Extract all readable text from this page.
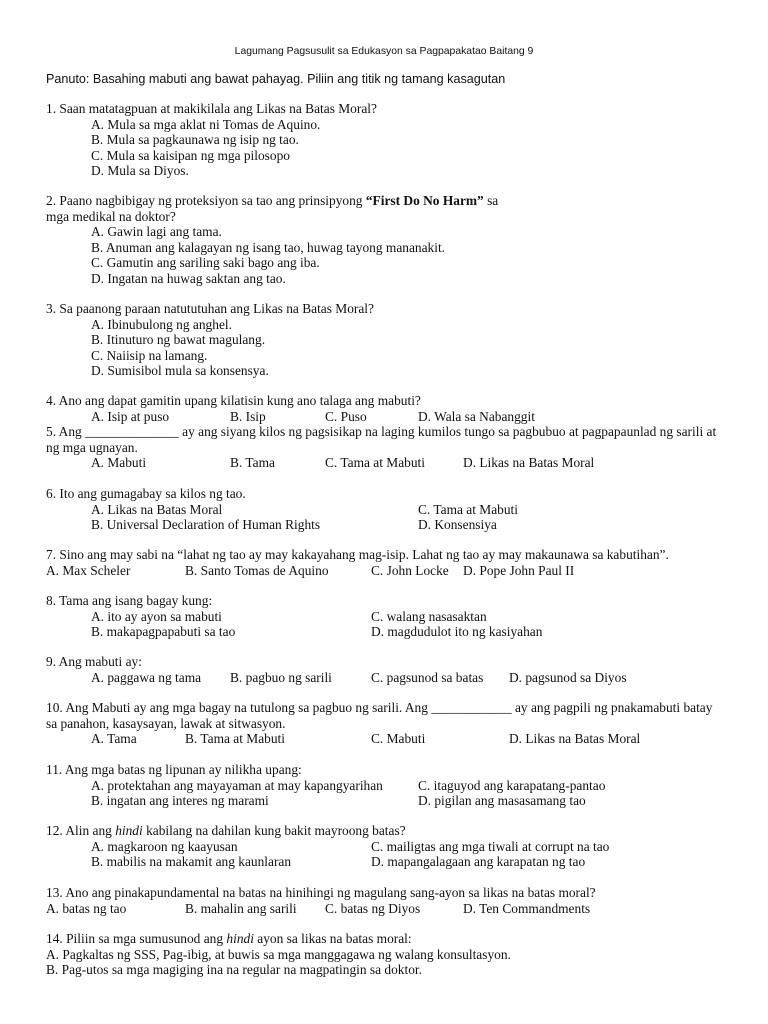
Lagumang Pagsusulit sa Edukasyon sa Pagpapakatao Baitang 9
Panuto: Basahing mabuti ang bawat pahayag. Piliin ang titik ng tamang kasagutan
1. Saan matatagpuan at makikilala ang Likas na Batas Moral?
A. Mula sa mga aklat ni Tomas de Aquino.
B. Mula sa pagkaunawa ng isip ng tao.
C. Mula sa kaisipan ng mga pilosopo
D. Mula sa Diyos.
2. Paano nagbibigay ng proteksiyon sa tao ang prinsipyong “First Do No Harm” sa
mga medikal na doktor?
A. Gawin lagi ang tama.
B. Anuman ang kalagayan ng isang tao, huwag tayong mananakit.
C. Gamutin ang sariling saki bago ang iba.
D. Ingatan na huwag saktan ang tao.
3. Sa paanong paraan natututuhan ang Likas na Batas Moral?
A. Ibinubulong ng anghel.
B. Itinuturo ng bawat magulang.
C. Naiisip na lamang.
D. Sumisibol mula sa konsensya.
4. Ano ang dapat gamitin upang kilatisin kung ano talaga ang mabuti?
A. Isip at puso	B. Isip	C. Puso	D. Wala sa Nabanggit
5. Ang ______________ ay ang siyang kilos ng pagsisikap na laging kumilos tungo sa pagbubuo at pagpapaunlad ng sarili at ng mga ugnayan.
A. Mabuti	B. Tama	C. Tama at Mabuti	D. Likas na Batas Moral
6. Ito ang gumagabay sa kilos ng tao.
A. Likas na Batas Moral	C. Tama at Mabuti
B. Universal Declaration of Human Rights	D. Konsensiya
7. Sino ang may sabi na “lahat ng tao ay may kakayahang mag-isip. Lahat ng tao ay may makaunawa sa kabutihan”.
A. Max Scheler	B. Santo Tomas de Aquino	C. John Locke D. Pope John Paul II
8. Tama ang isang bagay kung:
A. ito ay ayon sa mabuti	C. walang nasasaktan
B. makapagpapabuti sa tao	D. magdudulot ito ng kasiyahan
9. Ang mabuti ay:
A. paggawa ng tama B. pagbuo ng sarili	C. pagsunod sa batas D. pagsunod sa Diyos
10. Ang Mabuti ay ang mga bagay na tutulong sa pagbuo ng sarili. Ang ____________ ay ang pagpili ng pnakamabuti batay sa panahon, kasaysayan, lawak at sitwasyon.
A. Tama	B. Tama at Mabuti	C. Mabuti	D. Likas na Batas Moral
11. Ang mga batas ng lipunan ay nilikha upang:
A. protektahan ang mayayaman at may kapangyarihan	C. itaguyod ang karapatang-pantao
B. ingatan ang interes ng marami	D. pigilan ang masasamang tao
12. Alin ang hindi kabilang na dahilan kung bakit mayroong batas?
A. magkaroon ng kaayusan	C. mailigtas ang mga tiwali at corrupt na tao
B. mabilis na makamit ang kaunlaran	D. mapangalagaan ang karapatan ng tao
13. Ano ang pinakapundamental na batas na hinihingi ng magulang sang-ayon sa likas na batas moral?
A. batas ng tao	B. mahalin ang sarili C. batas ng Diyos	D. Ten Commandments
14. Piliin sa mga sumusunod ang hindi ayon sa likas na batas moral:
A. Pagkaltas ng SSS, Pag-ibig, at buwis sa mga manggagawa ng walang konsultasyon.
B. Pag-utos sa mga magiging ina na regular na magpatingin sa doktor.
